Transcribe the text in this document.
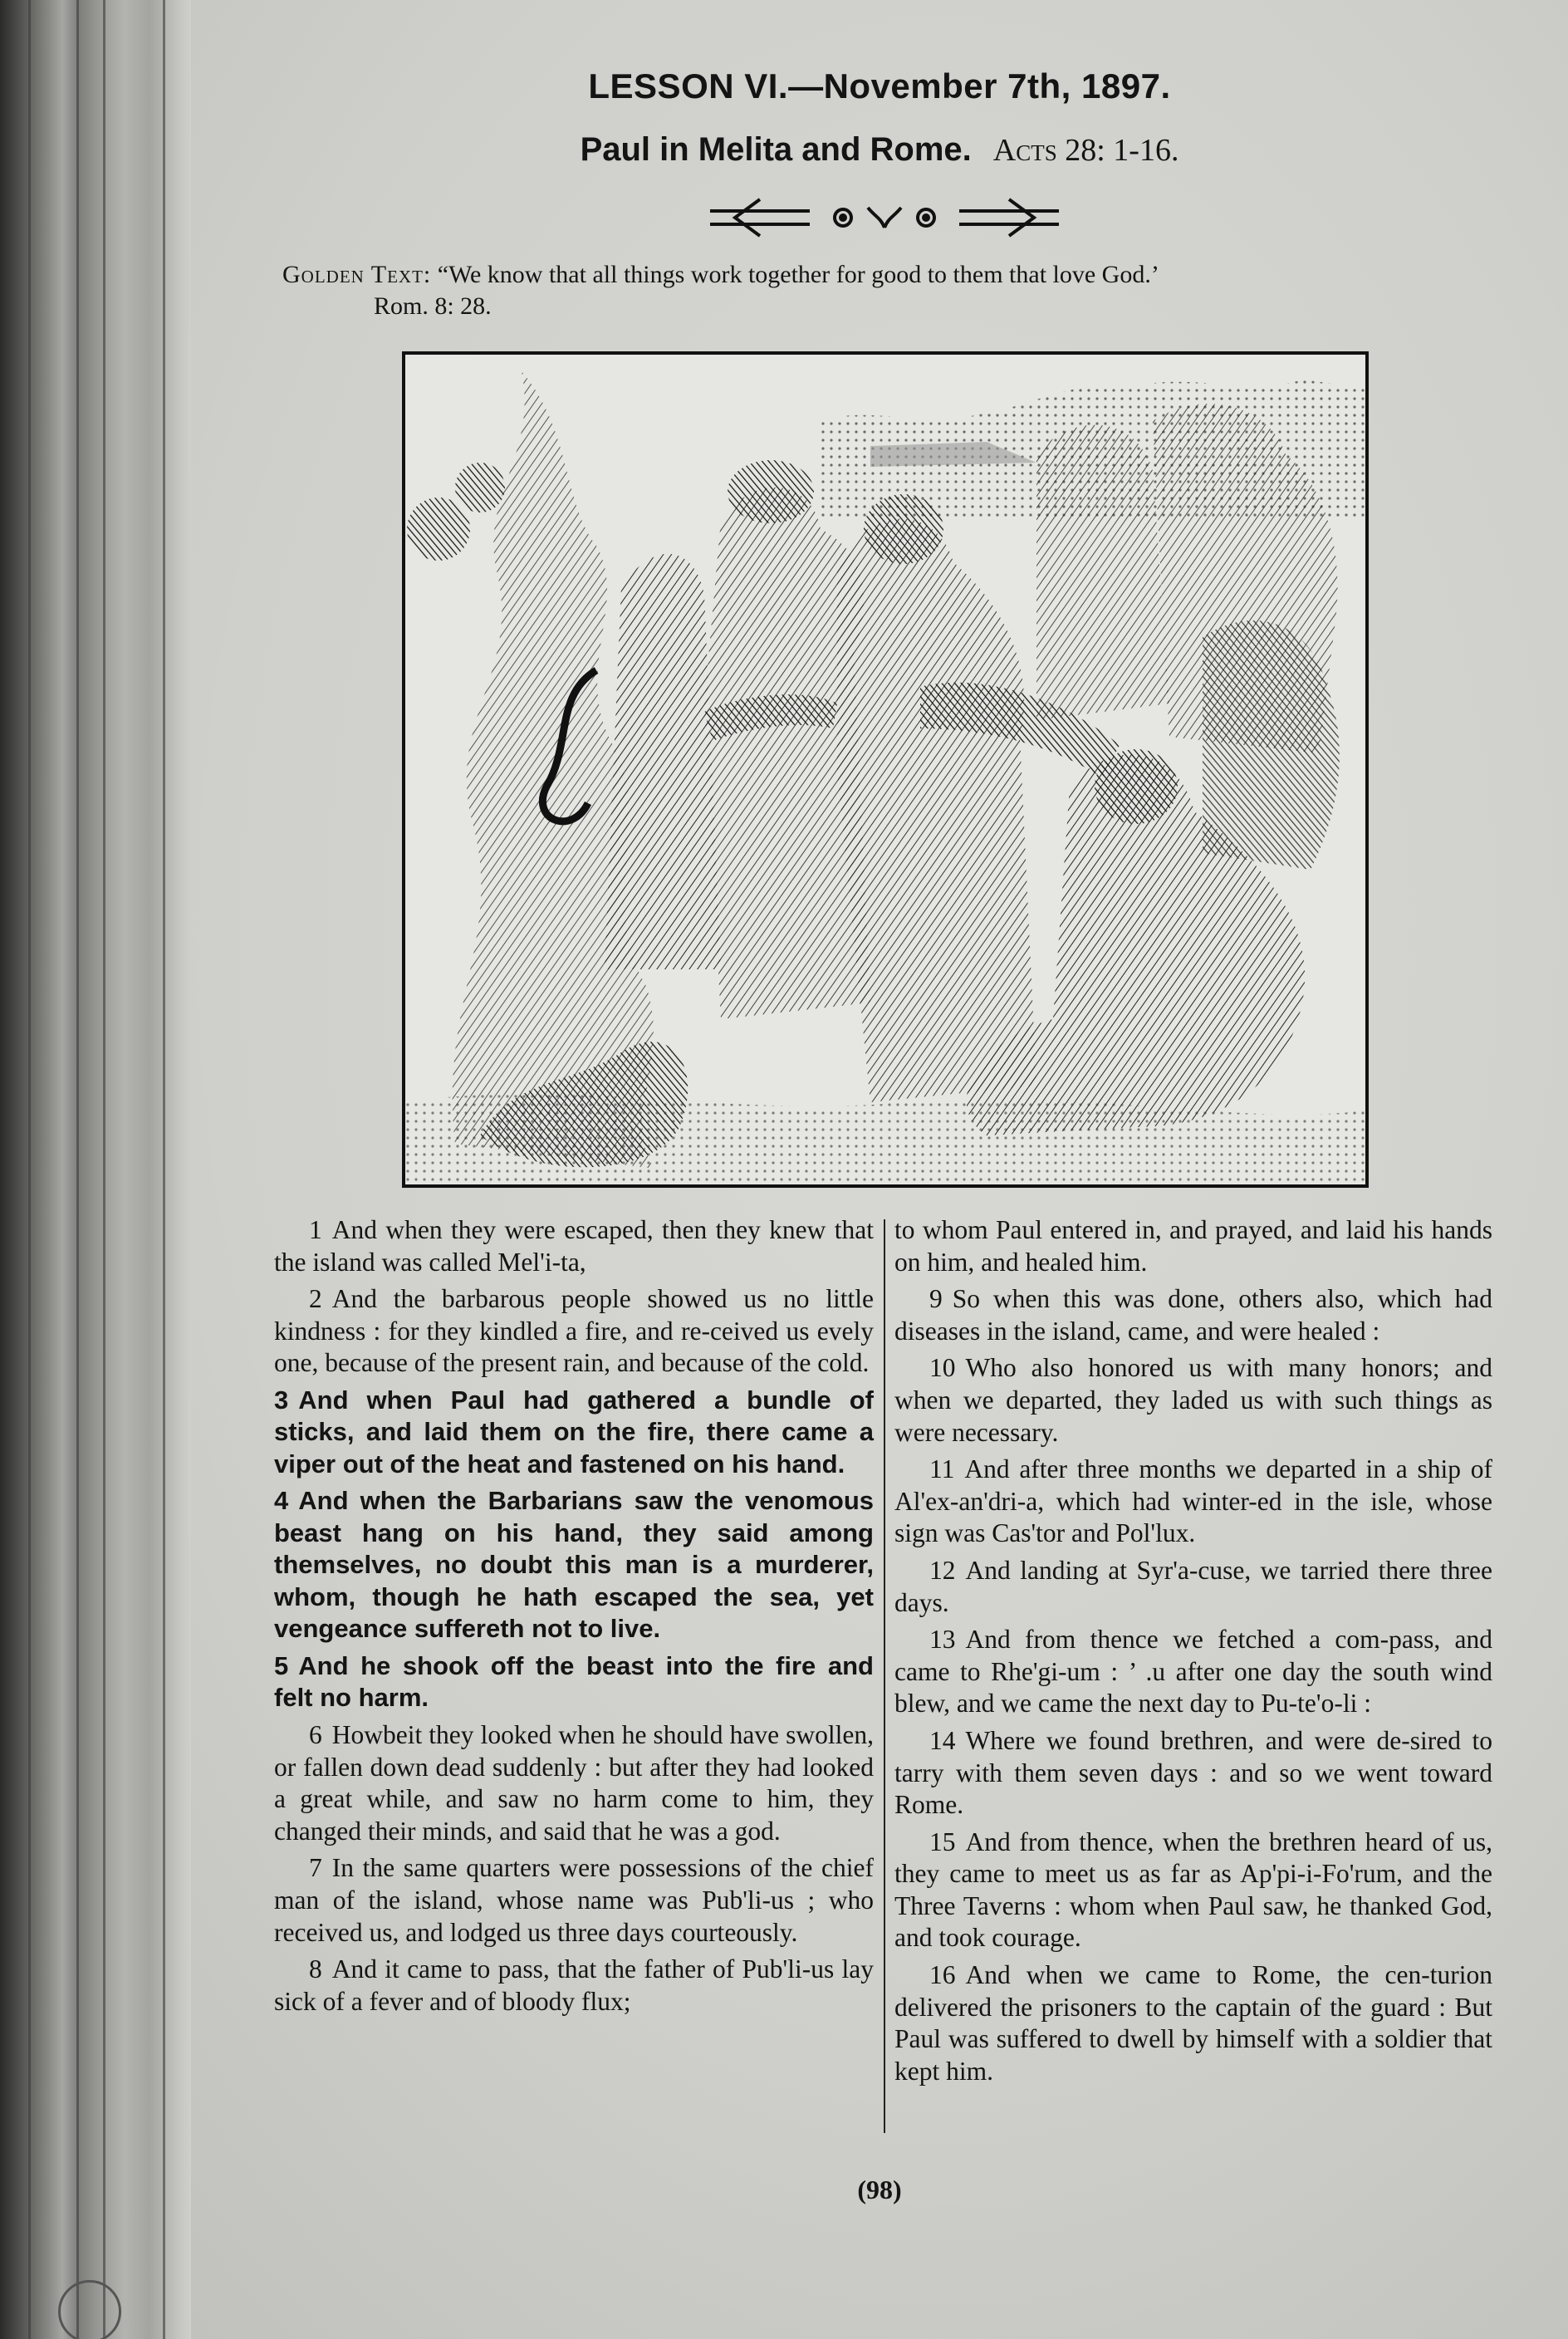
LESSON VI.—November 7th, 1897.
Paul in Melita and Rome. Acts 28: 1-16.
Golden Text: “We know that all things work together for good to them that love God.’
Rom. 8: 28.

1 And when they were escaped, then they knew that the island was called Mel'i-ta,

2 And the barbarous people showed us no little kindness : for they kindled a fire, and re-ceived us evely one, because of the present rain, and because of the cold.

3 And when Paul had gathered a bundle of sticks, and laid them on the fire, there came a viper out of the heat and fastened on his hand.

4 And when the Barbarians saw the venomous beast hang on his hand, they said among themselves, no doubt this man is a murderer, whom, though he hath escaped the sea, yet vengeance suffereth not to live.

5 And he shook off the beast into the fire and felt no harm.

6 Howbeit they looked when he should have swollen, or fallen down dead suddenly : but after they had looked a great while, and saw no harm come to him, they changed their minds, and said that he was a god.

7 In the same quarters were possessions of the chief man of the island, whose name was Pub'li-us ; who received us, and lodged us three days courteously.

8 And it came to pass, that the father of Pub'li-us lay sick of a fever and of bloody flux;

to whom Paul entered in, and prayed, and laid his hands on him, and healed him.

9 So when this was done, others also, which had diseases in the island, came, and were healed :

10 Who also honored us with many honors; and when we departed, they laded us with such things as were necessary.

11 And after three months we departed in a ship of Al'ex-an'dri-a, which had winter-ed in the isle, whose sign was Cas'tor and Pol'lux.

12 And landing at Syr'a-cuse, we tarried there three days.

13 And from thence we fetched a com-pass, and came to Rhe'gi-um : ’ .u after one day the south wind blew, and we came the next day to Pu-te'o-li :

14 Where we found brethren, and were de-sired to tarry with them seven days : and so we went toward Rome.

15 And from thence, when the brethren heard of us, they came to meet us as far as Ap'pi-i-Fo'rum, and the Three Taverns : whom when Paul saw, he thanked God, and took courage.

16 And when we came to Rome, the cen-turion delivered the prisoners to the captain of the guard : But Paul was suffered to dwell by himself with a soldier that kept him.

(98)
